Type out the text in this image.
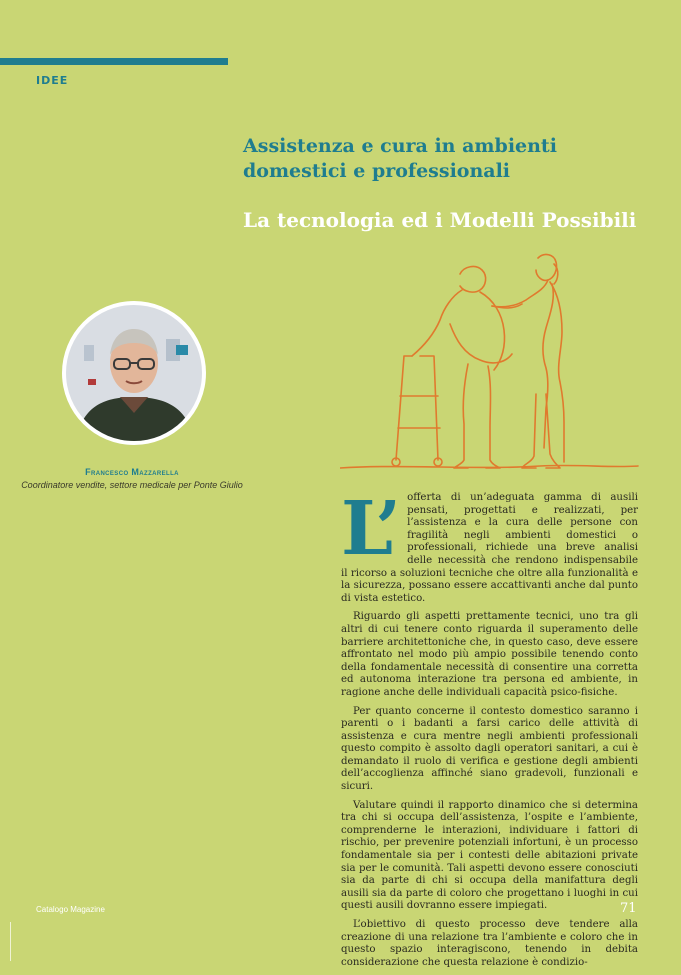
IDEE
Assistenza e cura in ambienti domestici e professionali
La tecnologia ed i Modelli Possibili
Francesco Mazzarella
Coordinatore vendite, settore medicale per Ponte Giulio
L’ offerta di un’adeguata gamma di ausili pensati, progettati e realizzati, per l’assistenza e la cura delle persone con fragilità negli ambienti domestici o professionali, richiede una breve analisi delle necessità che rendono indispensabile il ricorso a soluzioni tecniche che oltre alla funzionalità e la sicurezza, possano essere accattivanti anche dal punto di vista estetico.

Riguardo gli aspetti prettamente tecnici, uno tra gli altri di cui tenere conto riguarda il superamento delle barriere architettoniche che, in questo caso, deve essere affrontato nel modo più ampio possibile tenendo conto della fondamentale necessità di consentire una corretta ed autonoma interazione tra persona ed ambiente, in ragione anche delle individuali capacità psico-fisiche.

Per quanto concerne il contesto domestico saranno i parenti o i badanti a farsi carico delle attività di assistenza e cura mentre negli ambienti professionali questo compito è assolto dagli operatori sanitari, a cui è demandato il ruolo di verifica e gestione degli ambienti dell’accoglienza affinché siano gradevoli, funzionali e sicuri.

Valutare quindi il rapporto dinamico che si determina tra chi si occupa dell’assistenza, l’ospite e l’ambiente, comprenderne le interazioni, individuare i fattori di rischio, per prevenire potenziali infortuni, è un processo fondamentale sia per i contesti delle abitazioni private sia per le comunità. Tali aspetti devono essere conosciuti sia da parte di chi si occupa della manifattura degli ausili sia da parte di coloro che progettano i luoghi in cui questi ausili dovranno essere impiegati.

L’obiettivo di questo processo deve tendere alla creazione di una relazione tra l’ambiente e coloro che in questo spazio interagiscono, tenendo in debita considerazione che questa relazione è condizio-

Catalogo Magazine	71
